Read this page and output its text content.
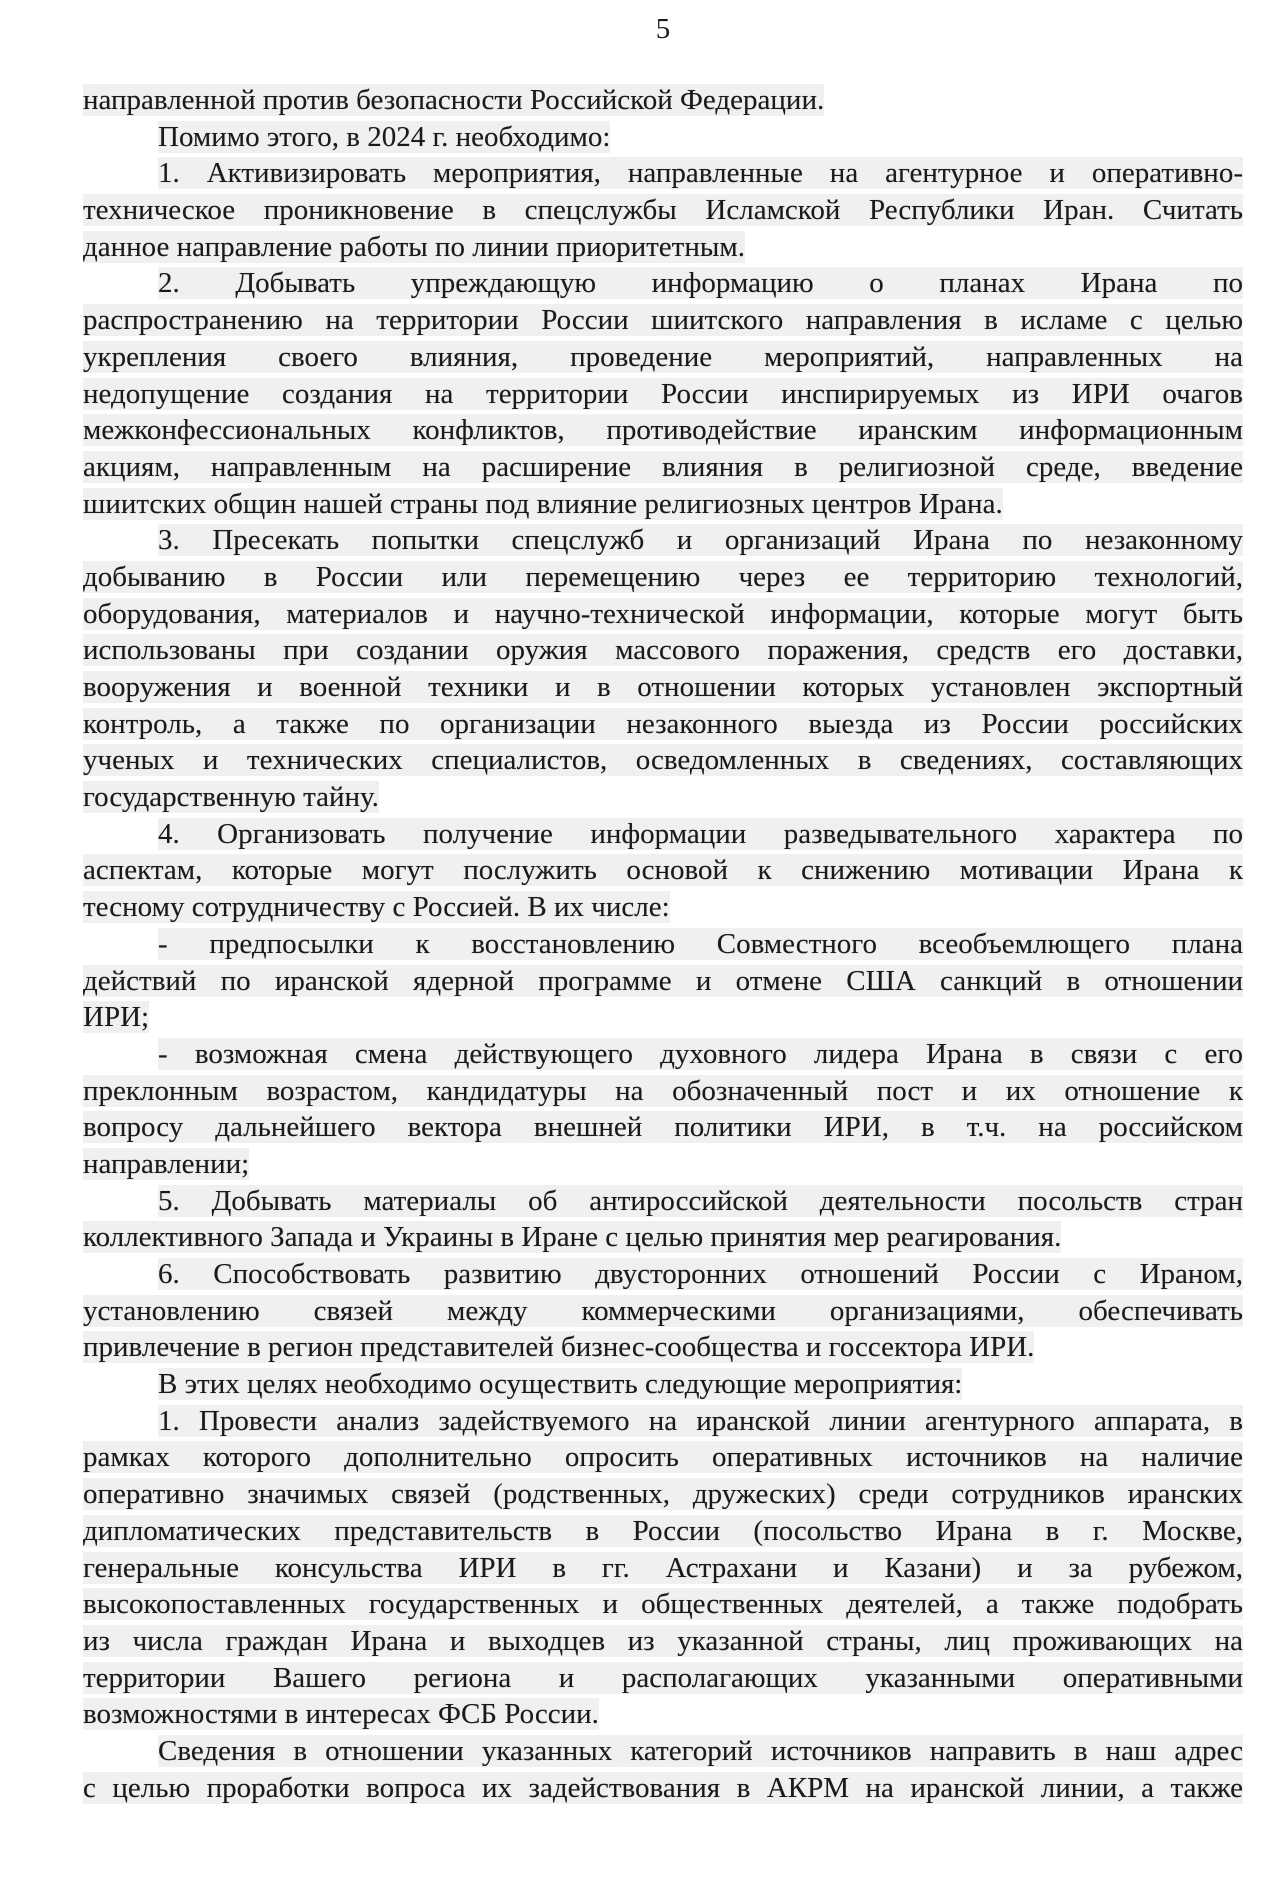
5
направленной против безопасности Российской Федерации.
Помимо этого, в 2024 г. необходимо:
1. Активизировать мероприятия, направленные на агентурное и оперативно-
техническое проникновение в спецслужбы Исламской Республики Иран. Считать
данное направление работы по линии приоритетным.
2. Добывать упреждающую информацию о планах Ирана по
распространению на территории России шиитского направления в исламе с целью
укрепления своего влияния, проведение мероприятий, направленных на
недопущение создания на территории России инспирируемых из ИРИ очагов
межконфессиональных конфликтов, противодействие иранским информационным
акциям, направленным на расширение влияния в религиозной среде, введение
шиитских общин нашей страны под влияние религиозных центров Ирана.
3. Пресекать попытки спецслужб и организаций Ирана по незаконному
добыванию в России или перемещению через ее территорию технологий,
оборудования, материалов и научно-технической информации, которые могут быть
использованы при создании оружия массового поражения, средств его доставки,
вооружения и военной техники и в отношении которых установлен экспортный
контроль, а также по организации незаконного выезда из России российских
ученых и технических специалистов, осведомленных в сведениях, составляющих
государственную тайну.
4. Организовать получение информации разведывательного характера по
аспектам, которые могут послужить основой к снижению мотивации Ирана к
тесному сотрудничеству с Россией. В их числе:
- предпосылки к восстановлению Совместного всеобъемлющего плана
действий по иранской ядерной программе и отмене США санкций в отношении
ИРИ;
- возможная смена действующего духовного лидера Ирана в связи с его
преклонным возрастом, кандидатуры на обозначенный пост и их отношение к
вопросу дальнейшего вектора внешней политики ИРИ, в т.ч. на российском
направлении;
5. Добывать материалы об антироссийской деятельности посольств стран
коллективного Запада и Украины в Иране с целью принятия мер реагирования.
6. Способствовать развитию двусторонних отношений России с Ираном,
установлению связей между коммерческими организациями, обеспечивать
привлечение в регион представителей бизнес-сообщества и госсектора ИРИ.
В этих целях необходимо осуществить следующие мероприятия:
1. Провести анализ задействуемого на иранской линии агентурного аппарата, в
рамках которого дополнительно опросить оперативных источников на наличие
оперативно значимых связей (родственных, дружеских) среди сотрудников иранских
дипломатических представительств в России (посольство Ирана в г. Москве,
генеральные консульства ИРИ в гг. Астрахани и Казани) и за рубежом,
высокопоставленных государственных и общественных деятелей, а также подобрать
из числа граждан Ирана и выходцев из указанной страны, лиц проживающих на
территории Вашего региона и располагающих указанными оперативными
возможностями в интересах ФСБ России.
Сведения в отношении указанных категорий источников направить в наш адрес
с целью проработки вопроса их задействования в АКРМ на иранской линии, а также
